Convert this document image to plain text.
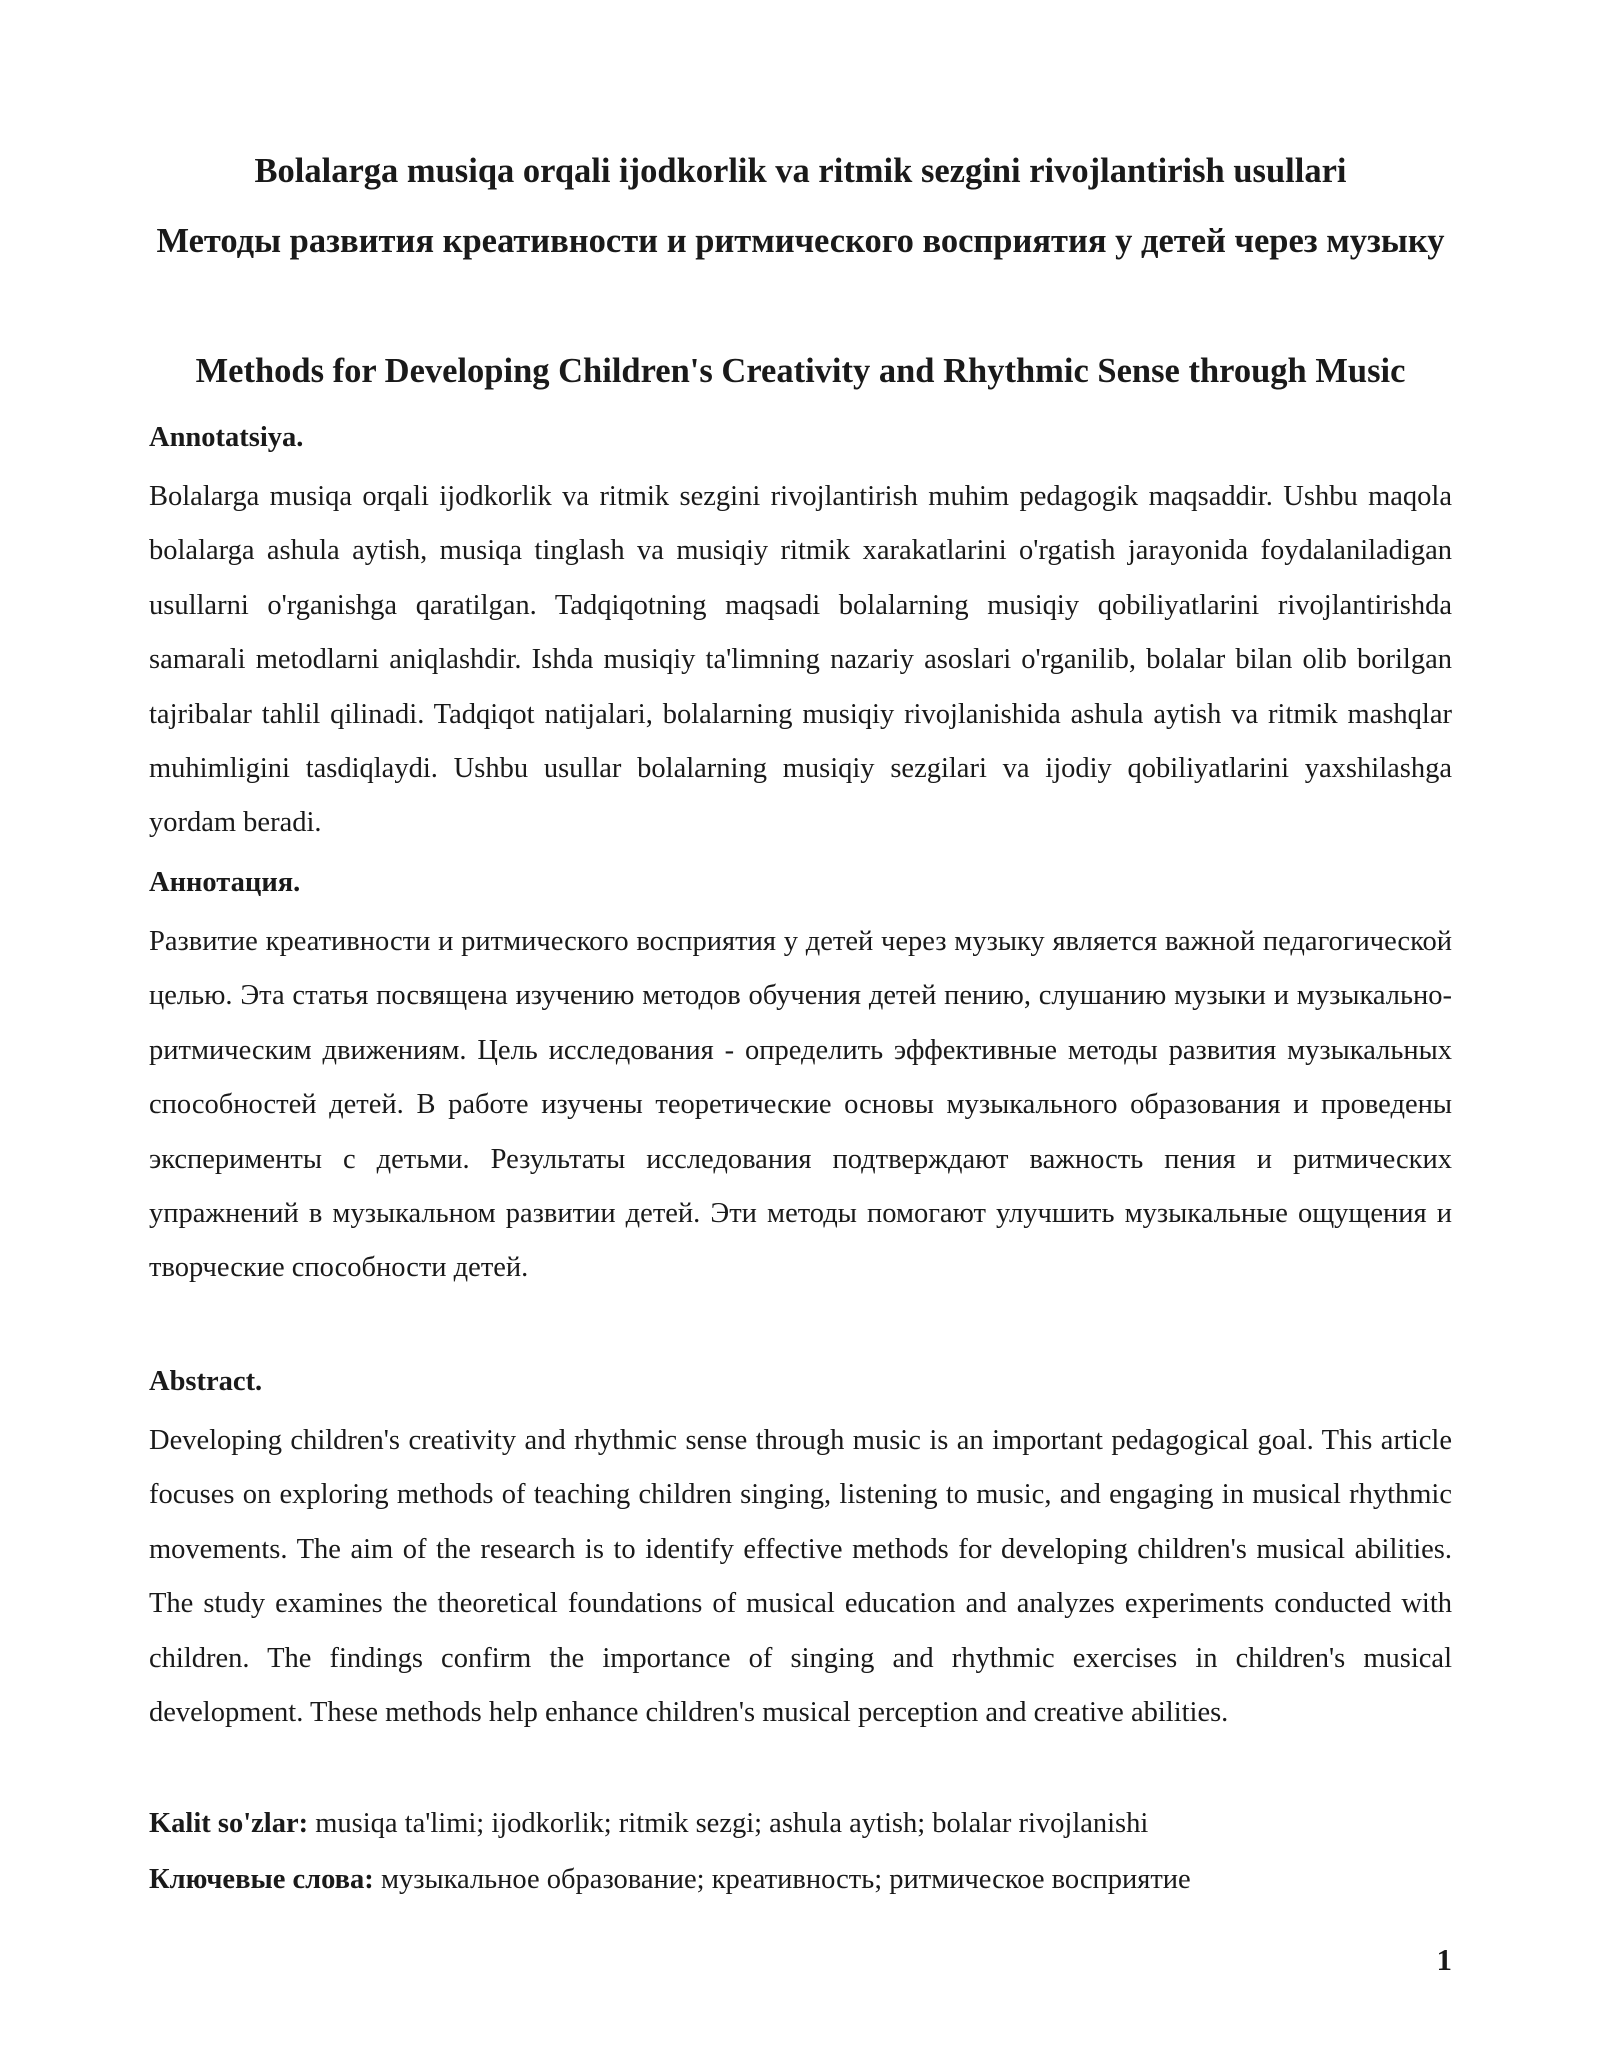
Bolalarga musiqa orqali ijodkorlik va ritmik sezgini rivojlantirish usullari
Методы развития креативности и ритмического восприятия у детей через музыку
Methods for Developing Children's Creativity and Rhythmic Sense through Music
Annotatsiya.

Bolalarga musiqa orqali ijodkorlik va ritmik sezgini rivojlantirish muhim pedagogik maqsaddir. Ushbu maqola bolalarga ashula aytish, musiqa tinglash va musiqiy ritmik xarakatlarini o'rgatish jarayonida foydalaniladigan usullarni o'rganishga qaratilgan. Tadqiqotning maqsadi bolalarning musiqiy qobiliyatlarini rivojlantirishda samarali metodlarni aniqlashdir. Ishda musiqiy ta'limning nazariy asoslari o'rganilib, bolalar bilan olib borilgan tajribalar tahlil qilinadi. Tadqiqot natijalari, bolalarning musiqiy rivojlanishida ashula aytish va ritmik mashqlar muhimligini tasdiqlaydi. Ushbu usullar bolalarning musiqiy sezgilari va ijodiy qobiliyatlarini yaxshilashga yordam beradi.

Аннотация.

Развитие креативности и ритмического восприятия у детей через музыку является важной педагогической целью. Эта статья посвящена изучению методов обучения детей пению, слушанию музыки и музыкально-ритмическим движениям. Цель исследования - определить эффективные методы развития музыкальных способностей детей. В работе изучены теоретические основы музыкального образования и проведены эксперименты с детьми. Результаты исследования подтверждают важность пения и ритмических упражнений в музыкальном развитии детей. Эти методы помогают улучшить музыкальные ощущения и творческие способности детей.

Abstract.

Developing children's creativity and rhythmic sense through music is an important pedagogical goal. This article focuses on exploring methods of teaching children singing, listening to music, and engaging in musical rhythmic movements. The aim of the research is to identify effective methods for developing children's musical abilities. The study examines the theoretical foundations of musical education and analyzes experiments conducted with children. The findings confirm the importance of singing and rhythmic exercises in children's musical development. These methods help enhance children's musical perception and creative abilities.

Kalit so'zlar: musiqa ta'limi; ijodkorlik; ritmik sezgi; ashula aytish; bolalar rivojlanishi

Ключевые слова: музыкальное образование; креативность; ритмическое восприятие

1
